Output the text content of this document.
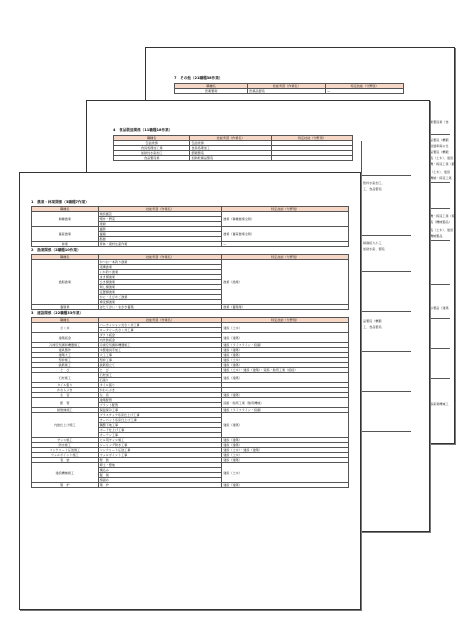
7　その他（21職種38作業）
職種名	技能実習（作業名）	特定技能（分野別）
医薬製剤	医薬品製造	—
業製造業（食
品製造（精鍛
鉄道車両の仕
品製造（精鍛
造（土木）、建設
機・鋳造工業（鍛
（土木）、建設
機械・鋳造工業
機・鋳造工業（鋳
造（機械製品）
造（土木）、建設
機械製品
の製品（建築
等産業機械工
4　食品製造関係（11職種18作業）
職種名	技能実習（作業名）	特定技能（分野別）
缶詰巻締	缶詰巻締	
食鳥処理加工業	食鳥処理加工	
加熱性水産加工	節類製造	
食品製造業	加熱乾燥品製造	
飲料水産加工、
工、食品製造
制御板大小工
加熱水産、製造
品製造（精鍛
工、食品製造
1　農業・林業関係（3職種7作業）
職種名	技能実習（作業名）	特定技能（分野別）
耕種農業	施設園芸	農業（耕種農業全般）
	畑作・野菜	
	果樹	
畜産農業	養豚	農業（畜産農業全般）
	養鶏	
	酪農	
林業	育林・素材生産作業	—
2　漁業関係（2職種10作業）
職種名	技能実習（作業名）	特定技能（分野別）
漁船漁業	かつお一本釣り漁業	漁業（漁業）
	延縄漁業	
	いか釣り漁業	
	まき網漁業	
	ひき網漁業	
	刺し網漁業	
	定置網漁業	
	かに・えびかご漁業	
	棒受網漁業	
養殖業	ほたてがい・まがき養殖	漁業（養殖業）
3　建設関係（22職種33作業）
職種名	技能実習（作業名）	特定技能（分野別）
さく井	パーカッション式さく井工事	建設（土木）
	ロータリー式さく井工事	
建築板金	ダクト板金	建設（建築）
	内外装板金	
冷凍空気調和機器施工	冷凍空気調和機器施工	建設（ライフライン・設備）
建具製作	木製建具手加工	建設（建築）
建築大工	大工工事	建設（建築）
型枠施工	型枠工事	建設（土木）
鉄筋施工	鉄筋組立て	建設（建築）
と　び	と　び	建設（土木）・建設（建築）・造船・舶用工業（溶接）
石材施工	石材加工	建設（建築）
	石張り	
タイル張り	タイル張り	
かわらぶき	かわらぶき	
左　官	左　官	建設（建築）
配　管	建築配管	造船・舶用工業（舶用機械）
	プラント配管	
熱絶縁施工	保温保冷工事	建設（ライフライン・設備）
内装仕上げ施工	プラスチック系床仕上げ工事	建設（建築）
	カーペット系床仕上げ工事	
	鋼製下地工事	
	ボード仕上げ工事	
	カーテン工事	
サッシ施工	ビル用サッシ施工	建設（建築）
防水施工	シーリング防水工事	建設（建築）
コンクリート圧送施工	コンクリート圧送工事	建設（土木）・建設（建築）
ウェルポイント施工	ウェルポイント工事	建設（土木）
表　装	壁　装	建設（建築）
建設機械施工	押土・整地	建設（土木）
	積込み	
	掘　削	
	締固め	
築　炉	築　炉	建設（建築）
